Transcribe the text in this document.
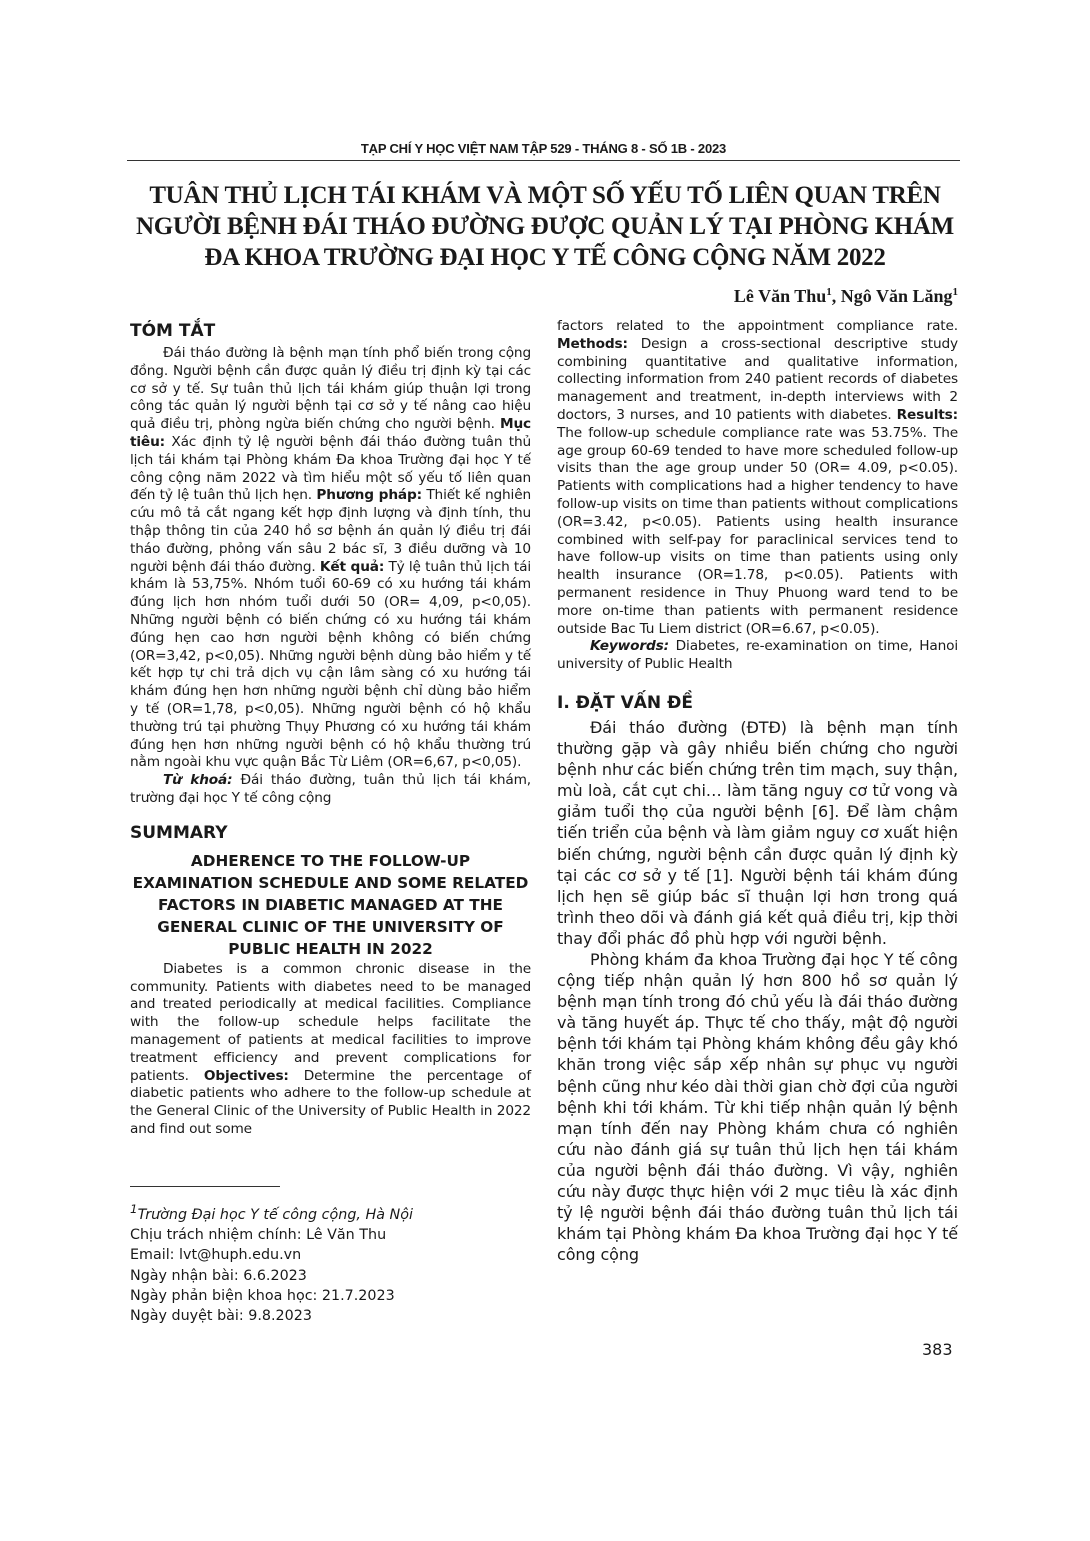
TẠP CHÍ Y HỌC VIỆT NAM TẬP 529 - THÁNG 8 - SỐ 1B - 2023
TUÂN THỦ LỊCH TÁI KHÁM VÀ MỘT SỐ YẾU TỐ LIÊN QUAN TRÊN
NGƯỜI BỆNH ĐÁI THÁO ĐƯỜNG ĐƯỢC QUẢN LÝ TẠI PHÒNG KHÁM
ĐA KHOA TRƯỜNG ĐẠI HỌC Y TẾ CÔNG CỘNG NĂM 2022
Lê Văn Thu$^1$, Ngô Văn Lăng$^1$
TÓM TẮT

Đái tháo đường là bệnh mạn tính phổ biến trong cộng đồng. Người bệnh cần được quản lý điều trị định kỳ tại các cơ sở y tế. Sự tuân thủ lịch tái khám giúp thuận lợi trong công tác quản lý người bệnh tại cơ sở y tế nâng cao hiệu quả điều trị, phòng ngừa biến chứng cho người bệnh. Mục tiêu: Xác định tỷ lệ người bệnh đái tháo đường tuân thủ lịch tái khám tại Phòng khám Đa khoa Trường đại học Y tế công cộng năm 2022 và tìm hiểu một số yếu tố liên quan đến tỷ lệ tuân thủ lịch hẹn. Phương pháp: Thiết kế nghiên cứu mô tả cắt ngang kết hợp định lượng và định tính, thu thập thông tin của 240 hồ sơ bệnh án quản lý điều trị đái tháo đường, phỏng vấn sâu 2 bác sĩ, 3 điều dưỡng và 10 người bệnh đái tháo đường. Kết quả: Tỷ lệ tuân thủ lịch tái khám là 53,75%. Nhóm tuổi 60-69 có xu hướng tái khám đúng lịch hơn nhóm tuổi dưới 50 (OR= 4,09, p<0,05). Những người bệnh có biến chứng có xu hướng tái khám đúng hẹn cao hơn người bệnh không có biến chứng (OR=3,42, p<0,05). Những người bệnh dùng bảo hiểm y tế kết hợp tự chi trả dịch vụ cận lâm sàng có xu hướng tái khám đúng hẹn hơn những người bệnh chỉ dùng bảo hiểm y tế (OR=1,78, p<0,05). Những người bệnh có hộ khẩu thường trú tại phường Thụy Phương có xu hướng tái khám đúng hẹn hơn những người bệnh có hộ khẩu thường trú nằm ngoài khu vực quận Bắc Từ Liêm (OR=6,67, p<0,05).

Từ khoá: Đái tháo đường, tuân thủ lịch tái khám, trường đại học Y tế công cộng

SUMMARY

ADHERENCE TO THE FOLLOW-UP EXAMINATION SCHEDULE AND SOME RELATED FACTORS IN DIABETIC MANAGED AT THE GENERAL CLINIC OF THE UNIVERSITY OF PUBLIC HEALTH IN 2022

Diabetes is a common chronic disease in the community. Patients with diabetes need to be managed and treated periodically at medical facilities. Compliance with the follow-up schedule helps facilitate the management of patients at medical facilities to improve treatment efficiency and prevent complications for patients. Objectives: Determine the percentage of diabetic patients who adhere to the follow-up schedule at the General Clinic of the University of Public Health in 2022 and find out some

$^1$Trường Đại học Y tế công cộng, Hà Nội
Chịu trách nhiệm chính: Lê Văn Thu
Email: lvt@huph.edu.vn
Ngày nhận bài: 6.6.2023
Ngày phản biện khoa học: 21.7.2023
Ngày duyệt bài: 9.8.2023

factors related to the appointment compliance rate. Methods: Design a cross-sectional descriptive study combining quantitative and qualitative information, collecting information from 240 patient records of diabetes management and treatment, in-depth interviews with 2 doctors, 3 nurses, and 10 patients with diabetes. Results: The follow-up schedule compliance rate was 53.75%. The age group 60-69 tended to have more scheduled follow-up visits than the age group under 50 (OR= 4.09, p<0.05). Patients with complications had a higher tendency to have follow-up visits on time than patients without complications (OR=3.42, p<0.05). Patients using health insurance combined with self-pay for paraclinical services tend to have follow-up visits on time than patients using only health insurance (OR=1.78, p<0.05). Patients with permanent residence in Thuy Phuong ward tend to be more on-time than patients with permanent residence outside Bac Tu Liem district (OR=6.67, p<0.05).

Keywords: Diabetes, re-examination on time, Hanoi university of Public Health

I. ĐẶT VẤN ĐỀ

Đái tháo đường (ĐTĐ) là bệnh mạn tính thường gặp và gây nhiều biến chứng cho người bệnh như các biến chứng trên tim mạch, suy thận, mù loà, cắt cụt chi… làm tăng nguy cơ tử vong và giảm tuổi thọ của người bệnh [6]. Để làm chậm tiến triển của bệnh và làm giảm nguy cơ xuất hiện biến chứng, người bệnh cần được quản lý định kỳ tại các cơ sở y tế [1]. Người bệnh tái khám đúng lịch hẹn sẽ giúp bác sĩ thuận lợi hơn trong quá trình theo dõi và đánh giá kết quả điều trị, kịp thời thay đổi phác đồ phù hợp với người bệnh.

Phòng khám đa khoa Trường đại học Y tế công cộng tiếp nhận quản lý hơn 800 hồ sơ quản lý bệnh mạn tính trong đó chủ yếu là đái tháo đường và tăng huyết áp. Thực tế cho thấy, mật độ người bệnh tới khám tại Phòng khám không đều gây khó khăn trong việc sắp xếp nhân sự phục vụ người bệnh cũng như kéo dài thời gian chờ đợi của người bệnh khi tới khám. Từ khi tiếp nhận quản lý bệnh mạn tính đến nay Phòng khám chưa có nghiên cứu nào đánh giá sự tuân thủ lịch hẹn tái khám của người bệnh đái tháo đường. Vì vậy, nghiên cứu này được thực hiện với 2 mục tiêu là xác định tỷ lệ người bệnh đái tháo đường tuân thủ lịch tái khám tại Phòng khám Đa khoa Trường đại học Y tế công cộng

383
